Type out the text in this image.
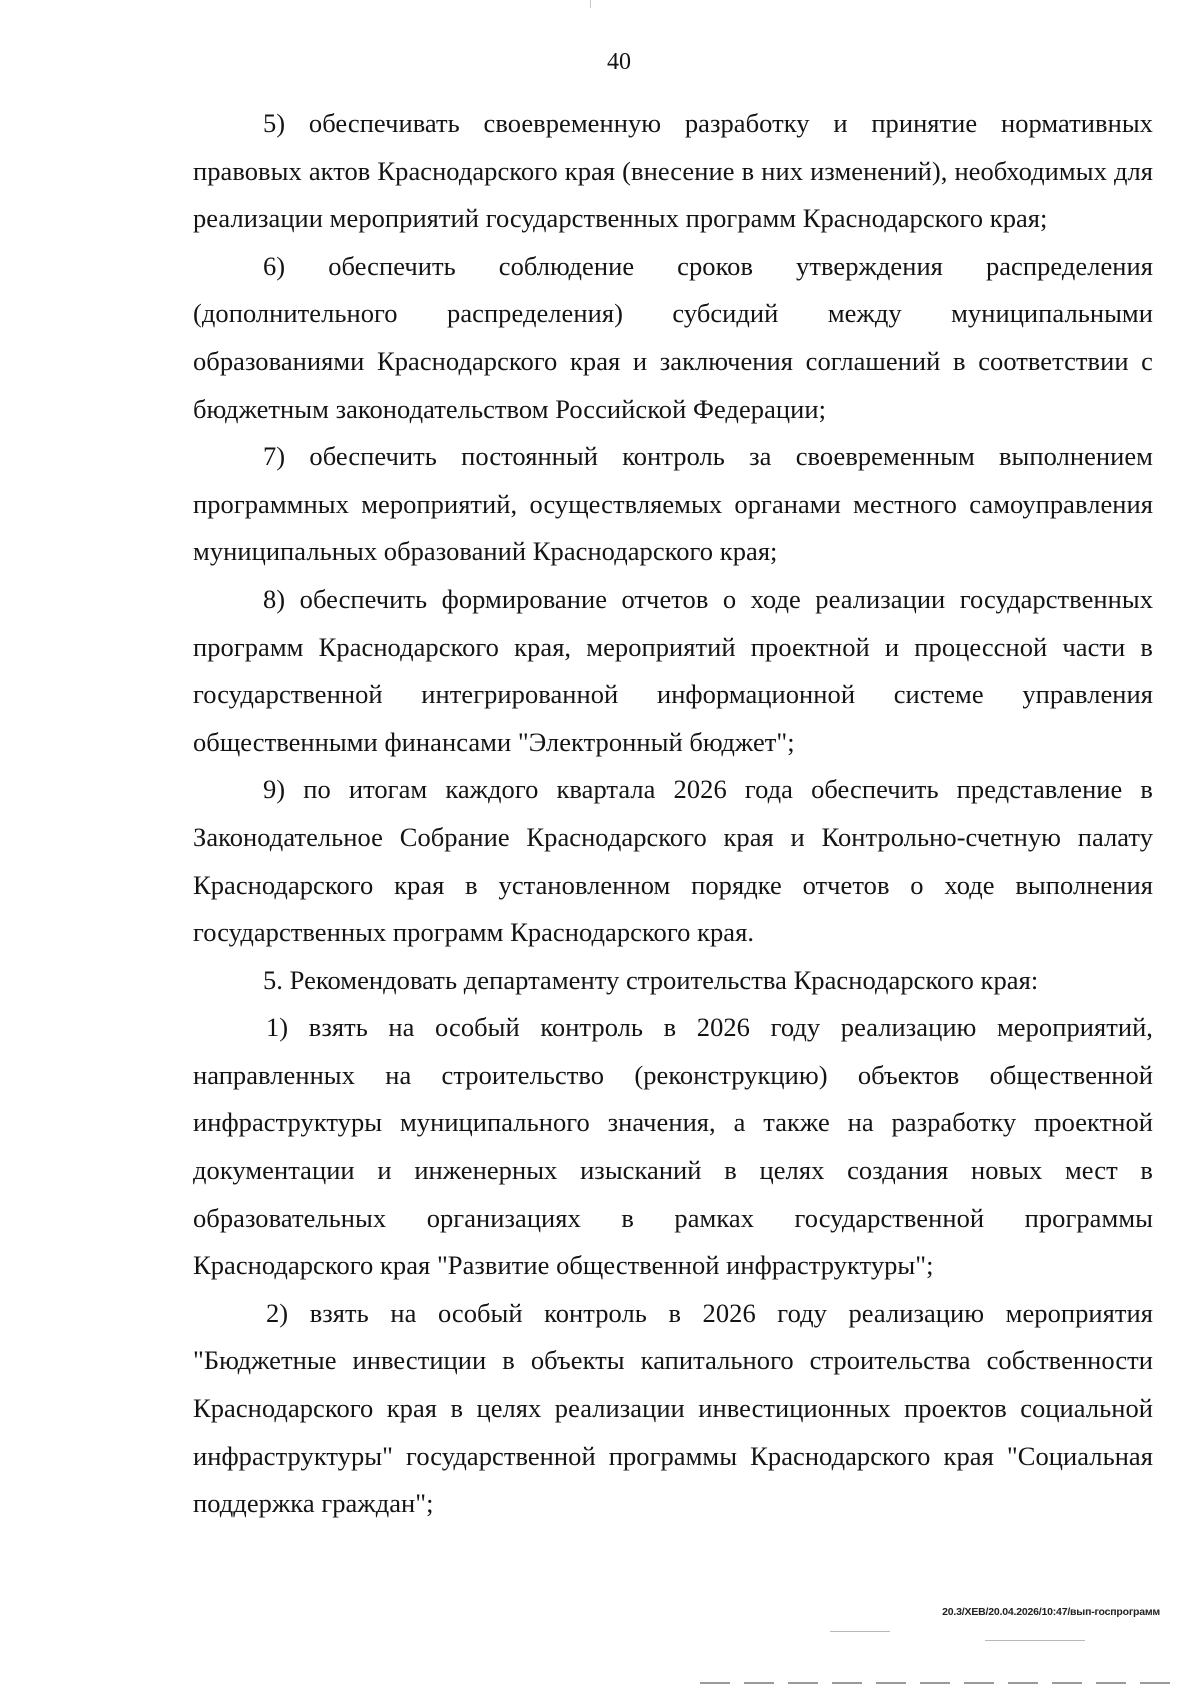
40

5) обеспечивать своевременную разработку и принятие нормативных правовых актов Краснодарского края (внесение в них изменений), необходимых для реализации мероприятий государственных программ Краснодарского края;

6) обеспечить соблюдение сроков утверждения распределения (дополнительного распределения) субсидий между муниципальными образованиями Краснодарского края и заключения соглашений в соответствии с бюджетным законодательством Российской Федерации;

7) обеспечить постоянный контроль за своевременным выполнением программных мероприятий, осуществляемых органами местного самоуправления муниципальных образований Краснодарского края;

8) обеспечить формирование отчетов о ходе реализации государственных программ Краснодарского края, мероприятий проектной и процессной части в государственной интегрированной информационной системе управления общественными финансами "Электронный бюджет";

9) по итогам каждого квартала 2026 года обеспечить представление в Законодательное Собрание Краснодарского края и Контрольно-счетную палату Краснодарского края в установленном порядке отчетов о ходе выполнения государственных программ Краснодарского края.

5. Рекомендовать департаменту строительства Краснодарского края:

1) взять на особый контроль в 2026 году реализацию мероприятий, направленных на строительство (реконструкцию) объектов общественной инфраструктуры муниципального значения, а также на разработку проектной документации и инженерных изысканий в целях создания новых мест в образовательных организациях в рамках государственной программы Краснодарского края "Развитие общественной инфраструктуры";

2) взять на особый контроль в 2026 году реализацию мероприятия "Бюджетные инвестиции в объекты капитального строительства собственности Краснодарского края в целях реализации инвестиционных проектов социальной инфраструктуры" государственной программы Краснодарского края "Социальная поддержка граждан";

20.3/XEB/20.04.2026/10:47/вып-госпрограмм
